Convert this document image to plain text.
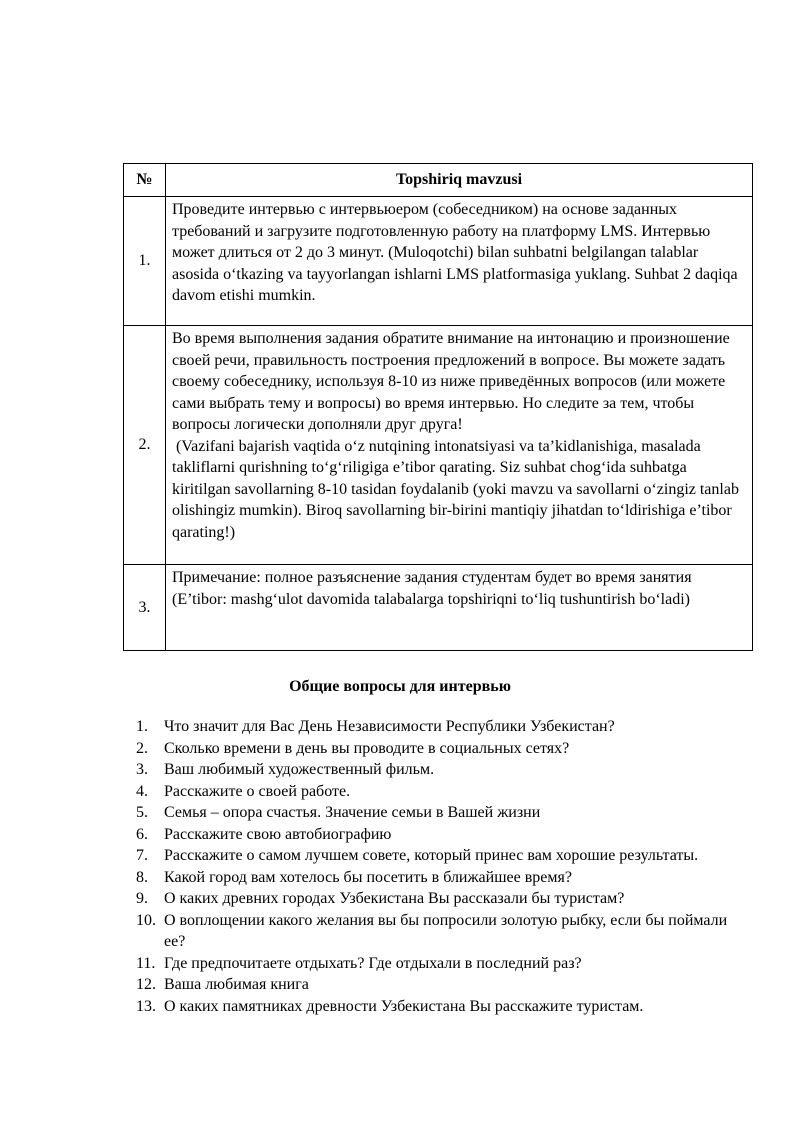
№	Topshiriq mavzusi
1.	Проведите интервью с интервьюером (собеседником) на основе заданных требований и загрузите подготовленную работу на платформу LMS. Интервью может длиться от 2 до 3 минут. (Muloqotchi) bilan suhbatni belgilangan talablar asosida o‘tkazing va tayyorlangan ishlarni LMS platformasiga yuklang. Suhbat 2 daqiqa davom etishi mumkin.

2.	Во время выполнения задания обратите внимание на интонацию и произношение своей речи, правильность построения предложений в вопросе. Вы можете задать своему собеседнику, используя 8-10 из ниже приведённых вопросов (или можете сами выбрать тему и вопросы) во время интервью. Но следите за тем, чтобы вопросы логически дополняли друг друга!
(Vazifani bajarish vaqtida o‘z nutqining intonatsiyasi va ta’kidlanishiga, masalada takliflarni qurishning to‘g‘riligiga e’tibor qarating. Siz suhbat chog‘ida suhbatga kiritilgan savollarning 8-10 tasidan foydalanib (yoki mavzu va savollarni o‘zingiz tanlab olishingiz mumkin). Biroq savollarning bir-birini mantiqiy jihatdan to‘ldirishiga e’tibor qarating!)

3.	Примечание: полное разъяснение задания студентам будет во время занятия
(E’tibor: mashg‘ulot davomida talabalarga topshiriqni to‘liq tushuntirish bo‘ladi)
Общие вопросы для интервью
1.	Что значит для Вас День Независимости Республики Узбекистан?
2.	Сколько времени в день вы проводите в социальных сетях?
3.	Ваш любимый художественный фильм.
4.	Расскажите о своей работе.
5.	Семья – опора счастья. Значение семьи в Вашей жизни
6.	Расскажите свою автобиографию
7.	Расскажите о самом лучшем совете, который принес вам хорошие результаты.
8.	Какой город вам хотелось бы посетить в ближайшее время?
9.	О каких древних городах Узбекистана Вы рассказали бы туристам?
10. О воплощении какого желания вы бы попросили золотую рыбку, если бы поймали ее?
11. Где предпочитаете отдыхать? Где отдыхали в последний раз?
12. Ваша любимая книга
13. О каких памятниках древности Узбекистана Вы расскажите туристам.
